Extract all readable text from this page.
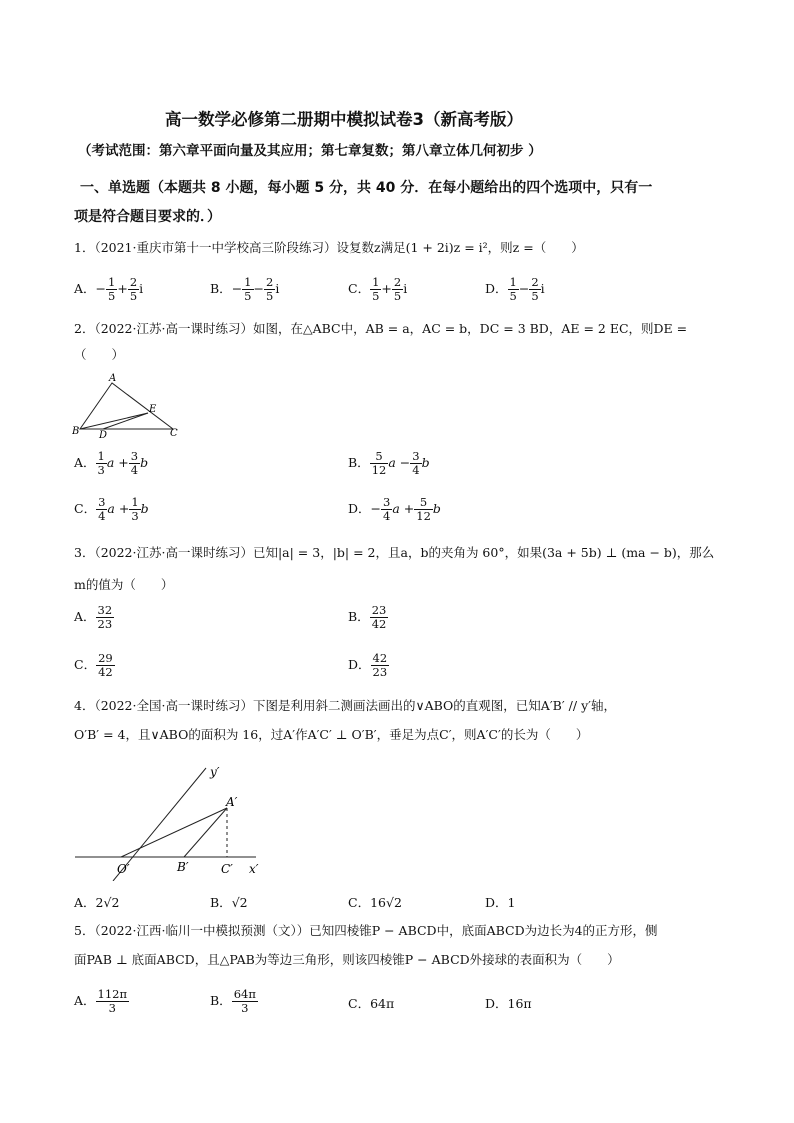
高一数学必修第二册期中模拟试卷3（新高考版）
（考试范围：第六章平面向量及其应用；第七章复数；第八章立体几何初步 ）
一、单选题（本题共 8 小题，每小题 5 分，共 40 分．在每小题给出的四个选项中，只有一
项是符合题目要求的．）
1．（2021·重庆市第十一中学校高三阶段练习）设复数z满足(1 + 2i)z = i²，则z =（　　）
A．− $\frac{1}{5} + \frac{2}{5}$ i	B．− $\frac{1}{5} - \frac{2}{5}$ i	C． $\frac{1}{5} + \frac{2}{5}$ i	D． $\frac{1}{5} - \frac{2}{5}$ i
2．（2022·江苏·高一课时练习）如图，在△ABC中，AB = a，AC = b，DC = 3 BD，AE = 2 EC，则DE =
（　　）
A
B	C
D
E
A． $\frac{1}{3}$ $a + \frac{3}{4}$ b	B． $\frac{5}{12}$ $a - \frac{3}{4}$ b
C． $\frac{3}{4}$ $a + \frac{1}{3}$ b	D．− $\frac{3}{4}$ $a + \frac{5}{12}$ b
3．（2022·江苏·高一课时练习）已知|a| = 3，|b| = 2，且a，b的夹角为 60°，如果(3a + 5b) ⊥ (ma − b)，那么
m的值为（　　）
A． $\frac{32}{23}$	B． $\frac{23}{42}$
C． $\frac{29}{42}$	D． $\frac{42}{23}$
4．（2022·全国·高一课时练习）下图是利用斜二测画法画出的∨ABO的直观图，已知A′B′ // y′轴，
O′B′ = 4，且∨ABO的面积为 16，过A′作A′C′ ⊥ O′B′，垂足为点C′，则A′C′的长为（　　）
y′
A′
O′	B′	C′ x′
A．2√2	B．√2	C．16√2	D．1
5．（2022·江西·临川一中模拟预测（文））已知四棱锥P − ABCD中，底面ABCD为边长为4的正方形，侧
面PAB ⊥ 底面ABCD，且△PAB为等边三角形，则该四棱锥P − ABCD外接球的表面积为（　　）
A． $\frac{112\pi}{3}$	B． $\frac{64\pi}{3}$	C．64π	D．16π
